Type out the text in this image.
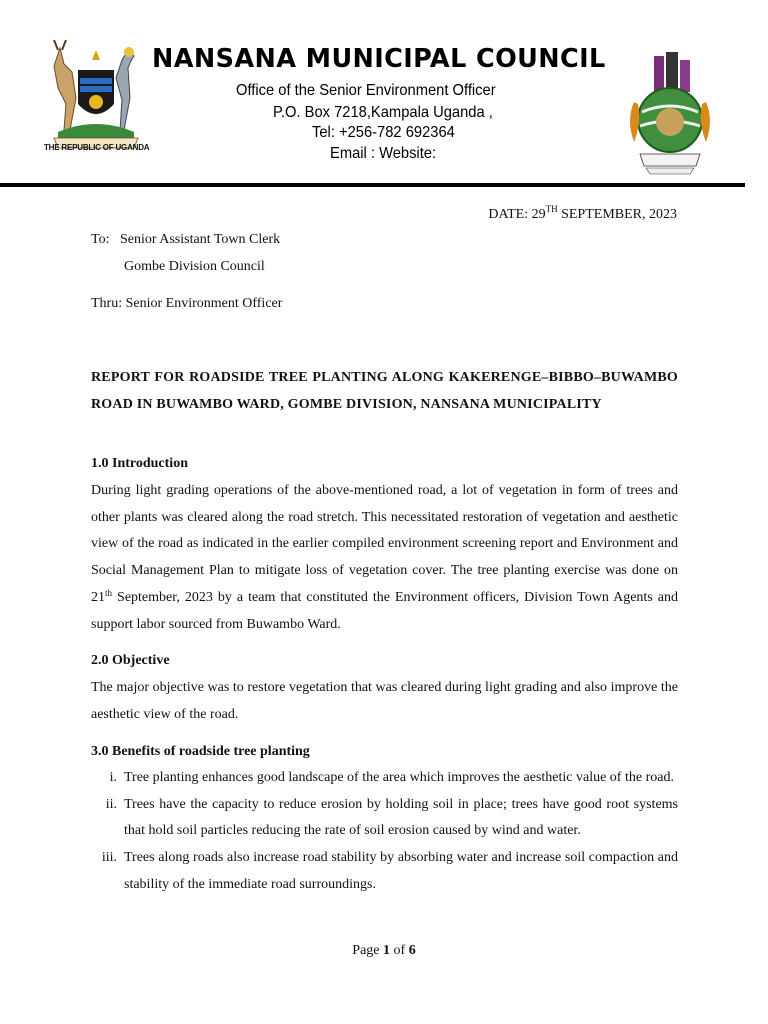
THE REPUBLIC OF UGANDA
NANSANA MUNICIPAL COUNCIL
Office of the Senior Environment Officer
P.O. Box 7218,Kampala Uganda ,
Tel: +256-782 692364
Email : Website:
DATE: 29TH SEPTEMBER, 2023
To:   Senior Assistant Town Clerk
Gombe Division Council
Thru: Senior Environment Officer
REPORT FOR ROADSIDE TREE PLANTING ALONG KAKERENGE–BIBBO–BUWAMBO ROAD IN BUWAMBO WARD, GOMBE DIVISION, NANSANA MUNICIPALITY
1.0 Introduction
During light grading operations of the above-mentioned road, a lot of vegetation in form of trees and other plants was cleared along the road stretch. This necessitated restoration of vegetation and aesthetic view of the road as indicated in the earlier compiled environment screening report and Environment and Social Management Plan to mitigate loss of vegetation cover. The tree planting exercise was done on 21th September, 2023 by a team that constituted the Environment officers, Division Town Agents and support labor sourced from Buwambo Ward.
2.0 Objective
The major objective was to restore vegetation that was cleared during light grading and also improve the aesthetic view of the road.
3.0 Benefits of roadside tree planting
i. Tree planting enhances good landscape of the area which improves the aesthetic value of the road.
ii. Trees have the capacity to reduce erosion by holding soil in place; trees have good root systems that hold soil particles reducing the rate of soil erosion caused by wind and water.
iii. Trees along roads also increase road stability by absorbing water and increase soil compaction and stability of the immediate road surroundings.
Page 1 of 6
